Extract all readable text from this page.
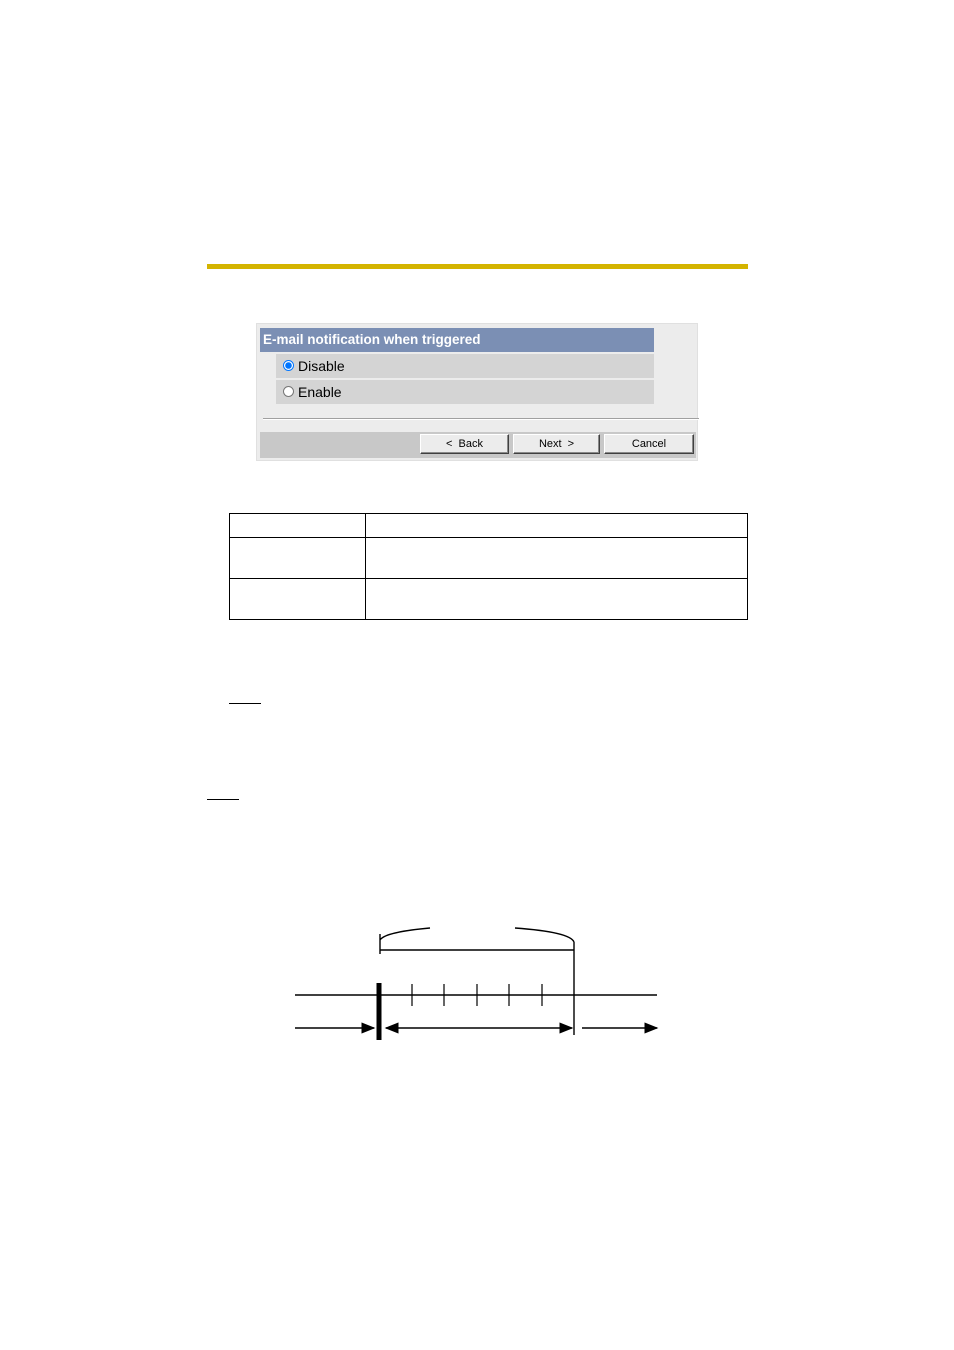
E-mail notification when triggered
Disable
Enable
< Back	Next >	Cancel
